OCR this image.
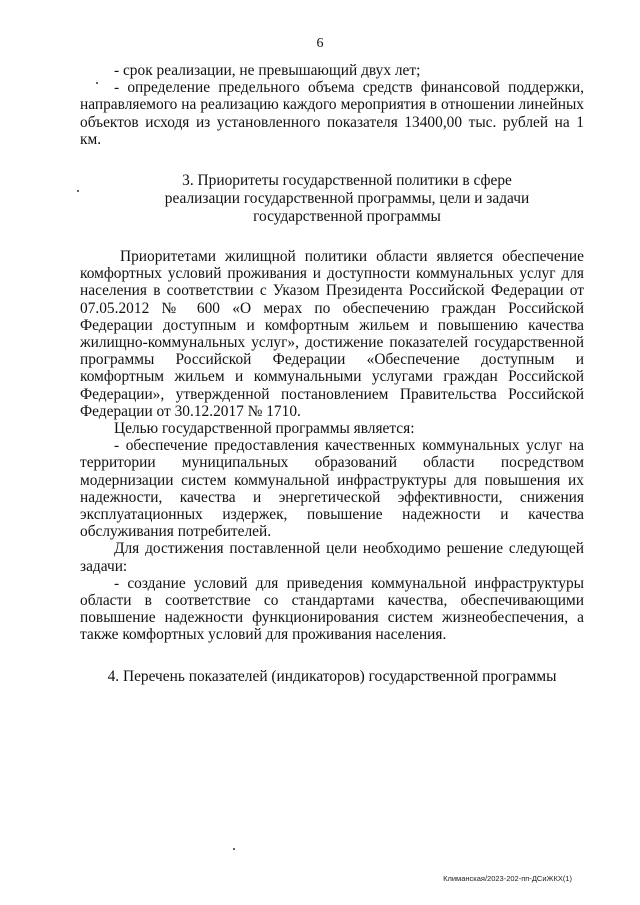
6

- срок реализации, не превышающий двух лет;

- определение предельного объема средств финансовой поддержки, направляемого на реализацию каждого мероприятия в отношении линейных объектов исходя из установленного показателя 13400,00 тыс. рублей на 1 км.

3. Приоритеты государственной политики в сфере
реализации государственной программы, цели и задачи
государственной программы

Приоритетами жилищной политики области является обеспечение комфортных условий проживания и доступности коммунальных услуг для населения в соответствии с Указом Президента Российской Федерации от 07.05.2012 № 600 «О мерах по обеспечению граждан Российской Федерации доступным и комфортным жильем и повышению качества жилищно-коммунальных услуг», достижение показателей государственной программы Российской Федерации «Обеспечение доступным и комфортным жильем и коммунальными услугами граждан Российской Федерации», утвержденной постановлением Правительства Российской Федерации от 30.12.2017 № 1710.

Целью государственной программы является:

- обеспечение предоставления качественных коммунальных услуг на территории муниципальных образований области посредством модернизации систем коммунальной инфраструктуры для повышения их надежности, качества и энергетической эффективности, снижения эксплуатационных издержек, повышение надежности и качества обслуживания потребителей.

Для достижения поставленной цели необходимо решение следующей задачи:

- создание условий для приведения коммунальной инфраструктуры области в соответствие со стандартами качества, обеспечивающими повышение надежности функционирования систем жизнеобеспечения, а также комфортных условий для проживания населения.

4. Перечень показателей (индикаторов) государственной программы
Климанская/2023-202-пп-ДСиЖКХ(1)
